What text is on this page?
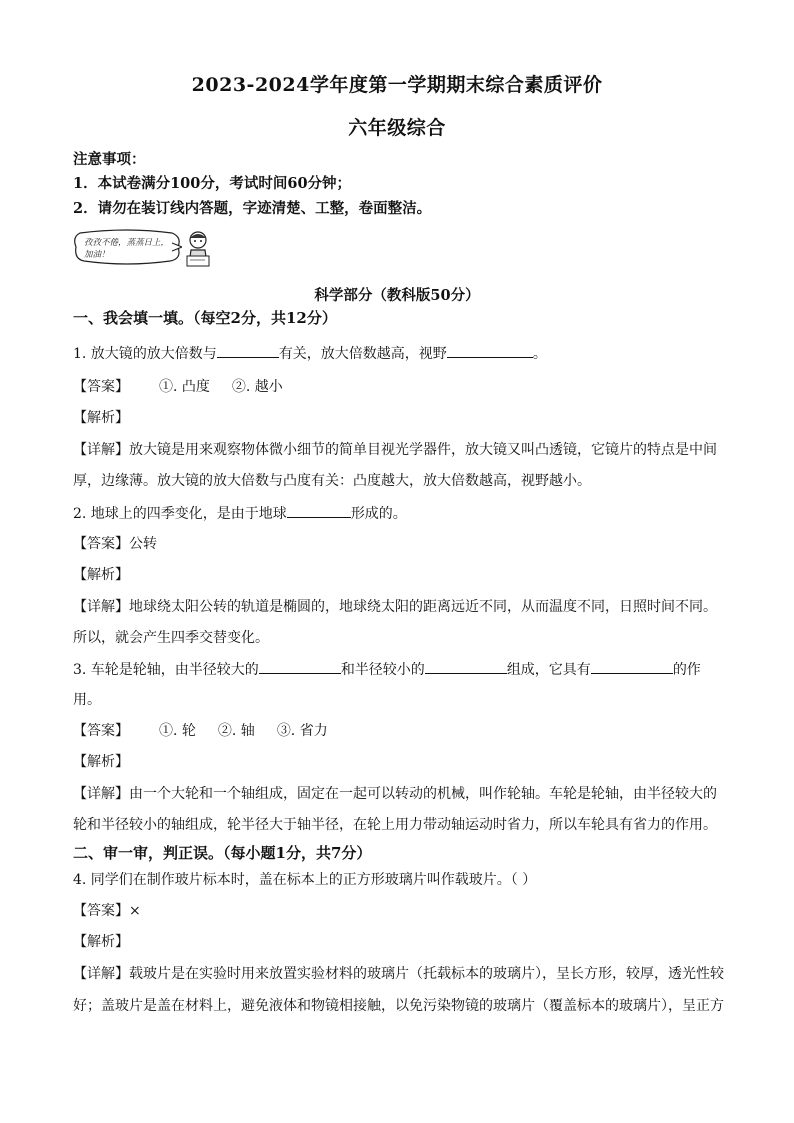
2023-2024学年度第一学期期末综合素质评价
六年级综合
注意事项：
1．本试卷满分100分，考试时间60分钟；
2．请勿在装订线内答题，字迹清楚、工整，卷面整洁。
孜孜不倦，蒸蒸日上，
加油！
科学部分（教科版50分）
一、我会填一填。（每空2分，共12分）
1. 放大镜的放大倍数与	有关，放大倍数越高，视野	。
【答案】 ①. 凸度 ②. 越小
【解析】
【详解】放大镜是用来观察物体微小细节的简单目视光学器件，放大镜又叫凸透镜，它镜片的特点是中间
厚，边缘薄。放大镜的放大倍数与凸度有关：凸度越大，放大倍数越高，视野越小。
2. 地球上的四季变化，是由于地球	形成的。
【答案】公转
【解析】
【详解】地球绕太阳公转的轨道是椭圆的，地球绕太阳的距离远近不同，从而温度不同，日照时间不同。
所以，就会产生四季交替变化。
3. 车轮是轮轴，由半径较大的	和半径较小的	组成，它具有	的作
用。
【答案】 ①. 轮 ②. 轴 ③. 省力
【解析】
【详解】由一个大轮和一个轴组成，固定在一起可以转动的机械，叫作轮轴。车轮是轮轴，由半径较大的
轮和半径较小的轴组成，轮半径大于轴半径，在轮上用力带动轴运动时省力，所以车轮具有省力的作用。
二、审一审，判正误。（每小题1分，共7分）
4. 同学们在制作玻片标本时，盖在标本上的正方形玻璃片叫作载玻片。（ ）
【答案】×
【解析】
【详解】载玻片是在实验时用来放置实验材料的玻璃片（托载标本的玻璃片），呈长方形，较厚，透光性较
好；盖玻片是盖在材料上，避免液体和物镜相接触，以免污染物镜的玻璃片（覆盖标本的玻璃片），呈正方
